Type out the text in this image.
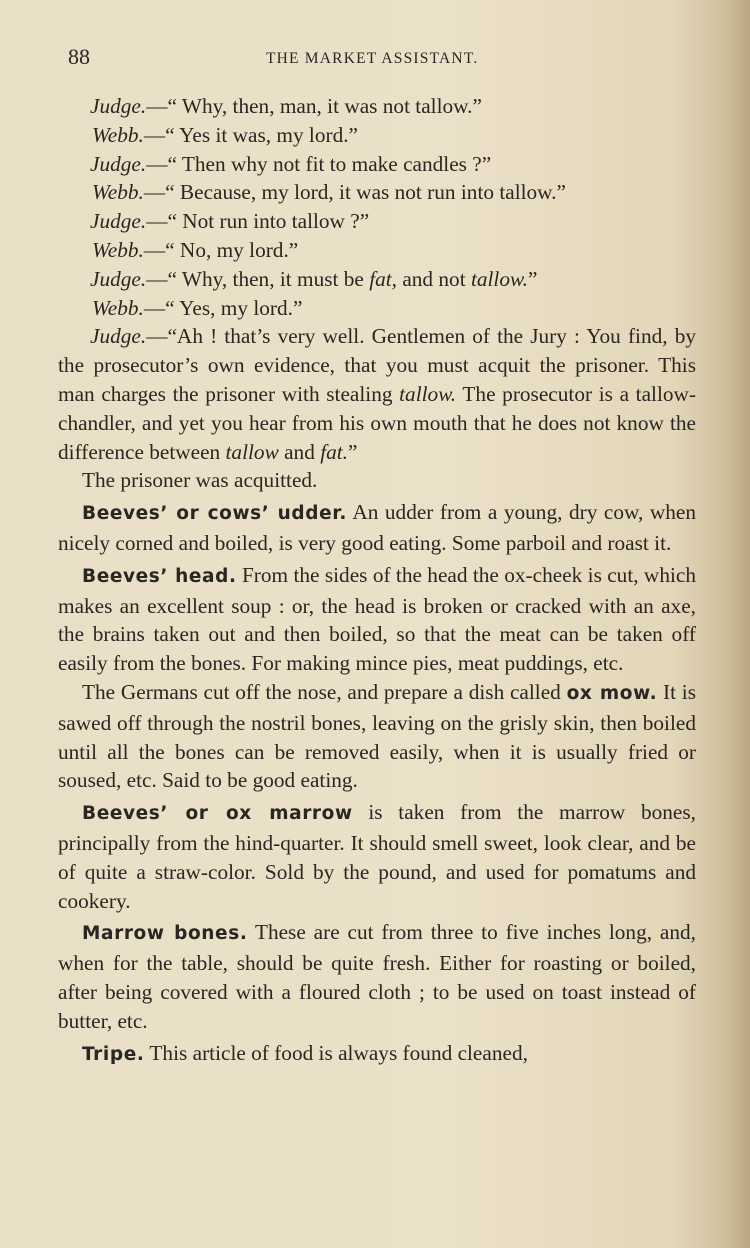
88	THE MARKET ASSISTANT.

Judge.—“ Why, then, man, it was not tallow.”

Webb.—“ Yes it was, my lord.”

Judge.—“ Then why not fit to make candles ?”

Webb.—“ Because, my lord, it was not run into tallow.”

Judge.—“ Not run into tallow ?”

Webb.—“ No, my lord.”

Judge.—“ Why, then, it must be fat, and not tallow.”

Webb.—“ Yes, my lord.”

Judge.—“Ah ! that’s very well. Gentlemen of the Jury : You find, by the prosecutor’s own evidence, that you must acquit the prisoner. This man charges the prisoner with stealing tallow. The prosecutor is a tallow-chandler, and yet you hear from his own mouth that he does not know the difference between tallow and fat.”

The prisoner was acquitted.

Beeves’ or cows’ udder. An udder from a young, dry cow, when nicely corned and boiled, is very good eating. Some parboil and roast it.

Beeves’ head. From the sides of the head the ox-cheek is cut, which makes an excellent soup : or, the head is broken or cracked with an axe, the brains taken out and then boiled, so that the meat can be taken off easily from the bones. For making mince pies, meat puddings, etc.

The Germans cut off the nose, and prepare a dish called ox mow. It is sawed off through the nostril bones, leaving on the grisly skin, then boiled until all the bones can be removed easily, when it is usually fried or soused, etc. Said to be good eating.

Beeves’ or ox marrow is taken from the marrow bones, principally from the hind-quarter. It should smell sweet, look clear, and be of quite a straw-color. Sold by the pound, and used for pomatums and cookery.

Marrow bones. These are cut from three to five inches long, and, when for the table, should be quite fresh. Either for roasting or boiled, after being covered with a floured cloth ; to be used on toast instead of butter, etc.

Tripe. This article of food is always found cleaned,
